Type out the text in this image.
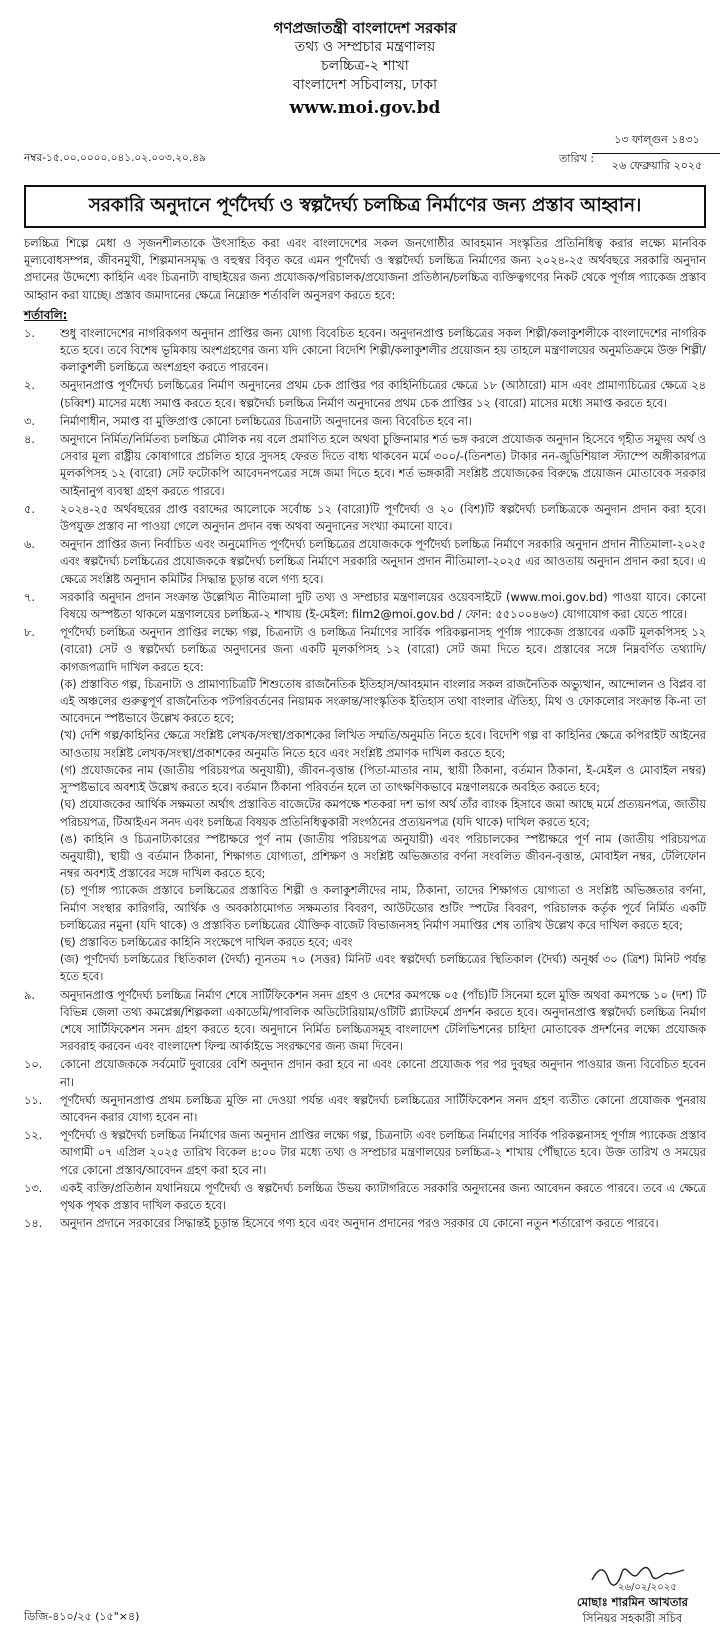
গণপ্রজাতন্ত্রী বাংলাদেশ সরকার
তথ্য ও সম্প্রচার মন্ত্রণালয়
চলচ্চিত্র-২ শাখা
বাংলাদেশ সচিবালয়, ঢাকা
www.moi.gov.bd
নম্বর-১৫.০০.০০০০.০৪১.০২.০০৩.২০.৪৯	তারিখ :
১৩ ফাল্গুন ১৪৩১
২৬ ফেব্রুয়ারি ২০২৫
সরকারি অনুদানে পূর্ণদৈর্ঘ্য ও স্বল্পদৈর্ঘ্য চলচ্চিত্র নির্মাণের জন্য প্রস্তাব আহ্বান।
চলচ্চিত্র শিল্পে মেধা ও সৃজনশীলতাকে উৎসাহিত করা এবং বাংলাদেশের সকল জনগোষ্ঠীর আবহমান সংস্কৃতির প্রতিনিধিত্ব করার লক্ষ্যে মানবিক মূল্যবোধসম্পন্ন, জীবনমুখী, শিল্পমানসমৃদ্ধ ও বহুস্বর বিবৃত করে এমন পূর্ণদৈর্ঘ্য ও স্বল্পদৈর্ঘ্য চলচ্চিত্র নির্মাণের জন্য ২০২৪-২৫ অর্থবছরে সরকারি অনুদান প্রদানের উদ্দেশ্যে কাহিনি এবং চিত্রনাট্য বাছাইয়ের জন্য প্রযোজক/পরিচালক/প্রযোজনা প্রতিষ্ঠান/চলচ্চিত্র ব্যক্তিত্বগণের নিকট থেকে পূর্ণাঙ্গ প্যাকেজ প্রস্তাব আহ্বান করা যাচ্ছে। প্রস্তাব জমাদানের ক্ষেত্রে নিম্নোক্ত শর্তাবলি অনুসরণ করতে হবে:
শর্তাবলি:
১.	শুধু বাংলাদেশের নাগরিকগণ অনুদান প্রাপ্তির জন্য যোগ্য বিবেচিত হবেন। অনুদানপ্রাপ্ত চলচ্চিত্রের সকল শিল্পী/কলাকুশলীকে বাংলাদেশের নাগরিক হতে হবে। তবে বিশেষ ভূমিকায় অংশগ্রহণের জন্য যদি কোনো বিদেশি শিল্পী/কলাকুশলীর প্রয়োজন হয় তাহলে মন্ত্রণালয়ের অনুমতিক্রমে উক্ত শিল্পী/কলাকুশলী চলচ্চিত্রে অংশগ্রহণ করতে পারবেন।
২.	অনুদানপ্রাপ্ত পূর্ণদৈর্ঘ্য চলচ্চিত্রের নির্মাণ অনুদানের প্রথম চেক প্রাপ্তির পর কাহিনিচিত্রের ক্ষেত্রে ১৮ (আঠারো) মাস এবং প্রামাণ্যচিত্রের ক্ষেত্রে ২৪ (চব্বিশ) মাসের মধ্যে সমাপ্ত করতে হবে। স্বল্পদৈর্ঘ্য চলচ্চিত্র নির্মাণ অনুদানের প্রথম চেক প্রাপ্তির ১২ (বারো) মাসের মধ্যে সমাপ্ত করতে হবে।
৩.	নির্মাণাধীন, সমাপ্ত বা মুক্তিপ্রাপ্ত কোনো চলচ্চিত্রের চিত্রনাট্য অনুদানের জন্য বিবেচিত হবে না।
৪.	অনুদানে নির্মিত/নির্মিতব্য চলচ্চিত্র মৌলিক নয় বলে প্রমাণিত হলে অথবা চুক্তিনামার শর্ত ভঙ্গ করলে প্রযোজক অনুদান হিসেবে গৃহীত সমুদয় অর্থ ও সেবার মূল্য রাষ্ট্রীয় কোষাগারে প্রচলিত হারে সুদসহ ফেরত দিতে বাধ্য থাকবেন মর্মে ৩০০/-(তিনশত) টাকার নন-জুডিশিয়াল স্ট্যাম্পে অঙ্গীকারপত্র মূলকপিসহ ১২ (বারো) সেট ফটোকপি আবেদনপত্রের সঙ্গে জমা দিতে হবে। শর্ত ভঙ্গকারী সংশ্লিষ্ট প্রযোজকের বিরুদ্ধে প্রয়োজন মোতাবেক সরকার আইনানুগ ব্যবস্থা গ্রহণ করতে পারবে।
৫.	২০২৪-২৫ অর্থবছরের প্রাপ্ত বরাদ্দের আলোকে সর্বোচ্চ ১২ (বারো)টি পূর্ণদৈর্ঘ্য ও ২০ (বিশ)টি স্বল্পদৈর্ঘ্য চলচ্চিত্রকে অনুদান প্রদান করা হবে। উপযুক্ত প্রস্তাব না পাওয়া গেলে অনুদান প্রদান বন্ধ অথবা অনুদানের সংখ্যা কমানো যাবে।
৬.	অনুদান প্রাপ্তির জন্য নির্বাচিত এবং অনুমোদিত পূর্ণদৈর্ঘ্য চলচ্চিত্রের প্রযোজককে পূর্ণদৈর্ঘ্য চলচ্চিত্র নির্মাণে সরকারি অনুদান প্রদান নীতিমালা-২০২৫ এবং স্বল্পদৈর্ঘ্য চলচ্চিত্রের প্রযোজককে স্বল্পদৈর্ঘ্য চলচ্চিত্র নির্মাণে সরকারি অনুদান প্রদান নীতিমালা-২০২৫ এর আওতায় অনুদান প্রদান করা হবে। এ ক্ষেত্রে সংশ্লিষ্ট অনুদান কমিটির সিদ্ধান্ত চূড়ান্ত বলে গণ্য হবে।
৭.	সরকারি অনুদান প্রদান সংক্রান্ত উল্লেখিত নীতিমালা দুটি তথ্য ও সম্প্রচার মন্ত্রণালয়ের ওয়েবসাইটে (www.moi.gov.bd) পাওয়া যাবে। কোনো বিষয়ে অস্পষ্টতা থাকলে মন্ত্রণালয়ের চলচ্চিত্র-২ শাখায় (ই-মেইল: film2@moi.gov.bd / ফোন: ৫৫১০০৪৬৩) যোগাযোগ করা যেতে পারে।
৮.	পূর্ণদৈর্ঘ্য চলচ্চিত্র অনুদান প্রাপ্তির লক্ষ্যে গল্প, চিত্রনাট্য ও চলচ্চিত্র নির্মাণের সার্বিক পরিকল্পনাসহ পূর্ণাঙ্গ প্যাকেজ প্রস্তাবের একটি মূলকপিসহ ১২ (বারো) সেট ও স্বল্পদৈর্ঘ্য চলচ্চিত্র অনুদানের জন্য একটি মূলকপিসহ ১২ (বারো) সেট জমা দিতে হবে। প্রস্তাবের সঙ্গে নিম্নবর্ণিত তথ্যাদি/কাগজপত্রাদি দাখিল করতে হবে:
(ক) প্রস্তাবিত গল্প, চিত্রনাট্য ও প্রামাণ্যচিত্রটি শিশুতোষ রাজনৈতিক ইতিহাস/আবহমান বাংলার সকল রাজনৈতিক অভ্যুত্থান, আন্দোলন ও বিপ্লব বা এই অঞ্চলের গুরুত্বপূর্ণ রাজনৈতিক পটপরিবর্তনের নিয়ামক সংক্রান্ত/সাংস্কৃতিক ইতিহাস তথা বাংলার ঐতিহ্য, মিথ ও ফোকলোর সংক্রান্ত কি-না তা আবেদনে স্পষ্টভাবে উল্লেখ করতে হবে;
(খ) দেশি গল্প/কাহিনির ক্ষেত্রে সংশ্লিষ্ট লেখক/সংস্থা/প্রকাশকের লিখিত সম্মতি/অনুমতি নিতে হবে। বিদেশি গল্প বা কাহিনির ক্ষেত্রে কপিরাইট আইনের আওতায় সংশ্লিষ্ট লেখক/সংস্থা/প্রকাশকের অনুমতি নিতে হবে এবং সংশ্লিষ্ট প্রমাণক দাখিল করতে হবে;
(গ) প্রযোজকের নাম (জাতীয় পরিচয়পত্র অনুযায়ী), জীবন-বৃত্তান্ত (পিতা-মাতার নাম, স্থায়ী ঠিকানা, বর্তমান ঠিকানা, ই-মেইল ও মোবাইল নম্বর) সুস্পষ্টভাবে অবশ্যই উল্লেখ করতে হবে। বর্তমান ঠিকানা পরিবর্তন হলে তা তাৎক্ষণিকভাবে মন্ত্রণালয়কে অবহিত করতে হবে;
(ঘ) প্রযোজকের আর্থিক সক্ষমতা অর্থাৎ প্রস্তাবিত বাজেটের কমপক্ষে শতকরা দশ ভাগ অর্থ তাঁর ব্যাংক হিসাবে জমা আছে মর্মে প্রত্যয়নপত্র, জাতীয় পরিচয়পত্র, টিআইএন সনদ এবং চলচ্চিত্র বিষয়ক প্রতিনিধিত্বকারী সংগঠনের প্রত্যয়নপত্র (যদি থাকে) দাখিল করতে হবে;
(ঙ) কাহিনি ও চিত্রনাট্যকারের স্পষ্টাক্ষরে পূর্ণ নাম (জাতীয় পরিচয়পত্র অনুযায়ী) এবং পরিচালকের স্পষ্টাক্ষরে পূর্ণ নাম (জাতীয় পরিচয়পত্র অনুযায়ী), স্থায়ী ও বর্তমান ঠিকানা, শিক্ষাগত যোগ্যতা, প্রশিক্ষণ ও সংশ্লিষ্ট অভিজ্ঞতার বর্ণনা সংবলিত জীবন-বৃত্তান্ত, মোবাইল নম্বর, টেলিফোন নম্বর অবশ্যই প্রস্তাবের সঙ্গে দাখিল করতে হবে;
(চ) পূর্ণাঙ্গ প্যাকেজ প্রস্তাবে চলচ্চিত্রের প্রস্তাবিত শিল্পী ও কলাকুশলীদের নাম, ঠিকানা, তাদের শিক্ষাগত যোগ্যতা ও সংশ্লিষ্ট অভিজ্ঞতার বর্ণনা, নির্মাণ সংস্থার কারিগরি, আর্থিক ও অবকাঠামোগত সক্ষমতার বিবরণ, আউটডোর শুটিং স্পটের বিবরণ, পরিচালক কর্তৃক পূর্বে নির্মিত একটি চলচ্চিত্রের নমুনা (যদি থাকে) ও প্রস্তাবিত চলচ্চিত্রের যৌক্তিক বাজেট বিভাজনসহ নির্মাণ সমাপ্তির শেষ তারিখ উল্লেখ করে দাখিল করতে হবে;
(ছ) প্রস্তাবিত চলচ্চিত্রের কাহিনি সংক্ষেপে দাখিল করতে হবে; এবং
(জ) পূর্ণদৈর্ঘ্য চলচ্চিত্রের স্থিতিকাল (দৈর্ঘ্য) ন্যূনতম ৭০ (সত্তর) মিনিট এবং স্বল্পদৈর্ঘ্য চলচ্চিত্রের স্থিতিকাল (দৈর্ঘ্য) অনূর্ধ্ব ৩০ (ত্রিশ) মিনিট পর্যন্ত হতে হবে।
৯.	অনুদানপ্রাপ্ত পূর্ণদৈর্ঘ্য চলচ্চিত্র নির্মাণ শেষে সার্টিফিকেশন সনদ গ্রহণ ও দেশের কমপক্ষে ০৫ (পাঁচ)টি সিনেমা হলে মুক্তি অথবা কমপক্ষে ১০ (দশ) টি বিভিন্ন জেলা তথ্য কমপ্লেক্স/শিল্পকলা একাডেমি/পাবলিক অডিটোরিয়াম/ওটিটি প্ল্যাটফর্মে প্রদর্শন করতে হবে। অনুদানপ্রাপ্ত স্বল্পদৈর্ঘ্য চলচ্চিত্র নির্মাণ শেষে সার্টিফিকেশন সনদ গ্রহণ করতে হবে। অনুদানে নির্মিত চলচ্চিত্রসমূহ বাংলাদেশ টেলিভিশনের চাহিদা মোতাবেক প্রদর্শনের লক্ষ্যে প্রযোজক সরবরাহ করবেন এবং বাংলাদেশ ফিল্ম আর্কাইভে সংরক্ষণের জন্য জমা দিবেন।
১০.	কোনো প্রযোজককে সর্বমোট দুবারের বেশি অনুদান প্রদান করা হবে না এবং কোনো প্রযোজক পর পর দুবছর অনুদান পাওয়ার জন্য বিবেচিত হবেন না।
১১.	পূর্ণদৈর্ঘ্য অনুদানপ্রাপ্ত প্রথম চলচ্চিত্র মুক্তি না দেওয়া পর্যন্ত এবং স্বল্পদৈর্ঘ্য চলচ্চিত্রের সার্টিফিকেশন সনদ গ্রহণ ব্যতীত কোনো প্রযোজক পুনরায় আবেদন করার যোগ্য হবেন না।
১২.	পূর্ণদৈর্ঘ্য ও স্বল্পদৈর্ঘ্য চলচ্চিত্র নির্মাণের জন্য অনুদান প্রাপ্তির লক্ষ্যে গল্প, চিত্রনাট্য এবং চলচ্চিত্র নির্মাণের সার্বিক পরিকল্পনাসহ পূর্ণাঙ্গ প্যাকেজ প্রস্তাব আগামী ০৭ এপ্রিল ২০২৫ তারিখ বিকেল ৪:০০ টার মধ্যে তথ্য ও সম্প্রচার মন্ত্রণালয়ের চলচ্চিত্র-২ শাখায় পৌঁছাতে হবে। উক্ত তারিখ ও সময়ের পরে কোনো প্রস্তাব/আবেদন গ্রহণ করা হবে না।
১৩.	একই ব্যক্তি/প্রতিষ্ঠান যথানিয়মে পূর্ণদৈর্ঘ্য ও স্বল্পদৈর্ঘ্য চলচ্চিত্র উভয় ক্যাটাগরিতে সরকারি অনুদানের জন্য আবেদন করতে পারবে। তবে এ ক্ষেত্রে পৃথক পৃথক প্রস্তাব দাখিল করতে হবে।
১৪.	অনুদান প্রদানে সরকারের সিদ্ধান্তই চূড়ান্ত হিসেবে গণ্য হবে এবং অনুদান প্রদানের পরও সরকার যে কোনো নতুন শর্তারোপ করতে পারবে।
২৬/০২/২০২৫
মোছাঃ শারমিন আখতার
সিনিয়র সহকারী সচিব
ডিজি-৪১০/২৫ (১৫"×৪)
